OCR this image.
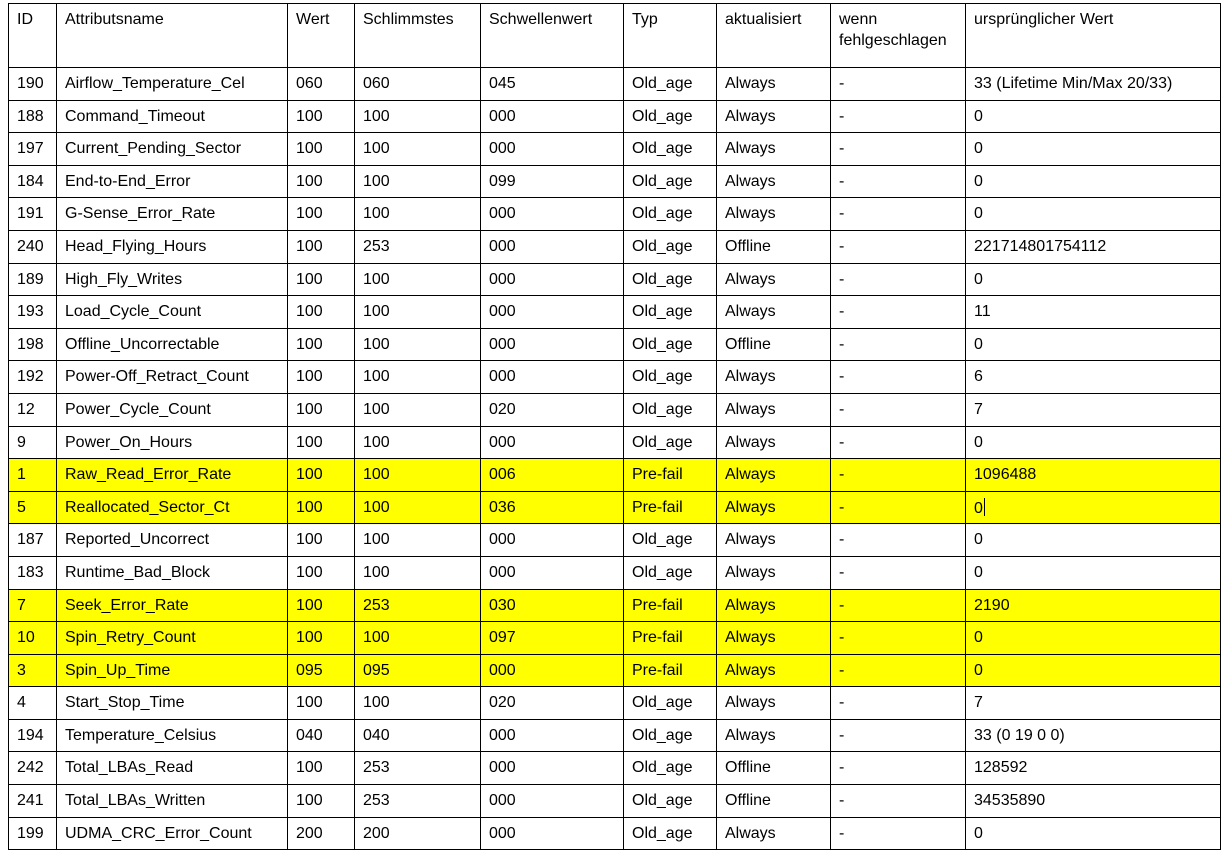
ID	Attributsname	Wert	Schlimmstes	Schwellenwert	Typ	aktualisiert	wenn fehlgeschlagen	ursprünglicher Wert
190	Airflow_Temperature_Cel	060	060	045	Old_age	Always	-	33 (Lifetime Min/Max 20/33)
188	Command_Timeout	100	100	000	Old_age	Always	-	0
197	Current_Pending_Sector	100	100	000	Old_age	Always	-	0
184	End-to-End_Error	100	100	099	Old_age	Always	-	0
191	G-Sense_Error_Rate	100	100	000	Old_age	Always	-	0
240	Head_Flying_Hours	100	253	000	Old_age	Offline	-	221714801754112
189	High_Fly_Writes	100	100	000	Old_age	Always	-	0
193	Load_Cycle_Count	100	100	000	Old_age	Always	-	11
198	Offline_Uncorrectable	100	100	000	Old_age	Offline	-	0
192	Power-Off_Retract_Count	100	100	000	Old_age	Always	-	6
12	Power_Cycle_Count	100	100	020	Old_age	Always	-	7
9	Power_On_Hours	100	100	000	Old_age	Always	-	0
1	Raw_Read_Error_Rate	100	100	006	Pre-fail	Always	-	1096488
5	Reallocated_Sector_Ct	100	100	036	Pre-fail	Always	-	0
187	Reported_Uncorrect	100	100	000	Old_age	Always	-	0
183	Runtime_Bad_Block	100	100	000	Old_age	Always	-	0
7	Seek_Error_Rate	100	253	030	Pre-fail	Always	-	2190
10	Spin_Retry_Count	100	100	097	Pre-fail	Always	-	0
3	Spin_Up_Time	095	095	000	Pre-fail	Always	-	0
4	Start_Stop_Time	100	100	020	Old_age	Always	-	7
194	Temperature_Celsius	040	040	000	Old_age	Always	-	33 (0 19 0 0)
242	Total_LBAs_Read	100	253	000	Old_age	Offline	-	128592
241	Total_LBAs_Written	100	253	000	Old_age	Offline	-	34535890
199	UDMA_CRC_Error_Count	200	200	000	Old_age	Always	-	0
